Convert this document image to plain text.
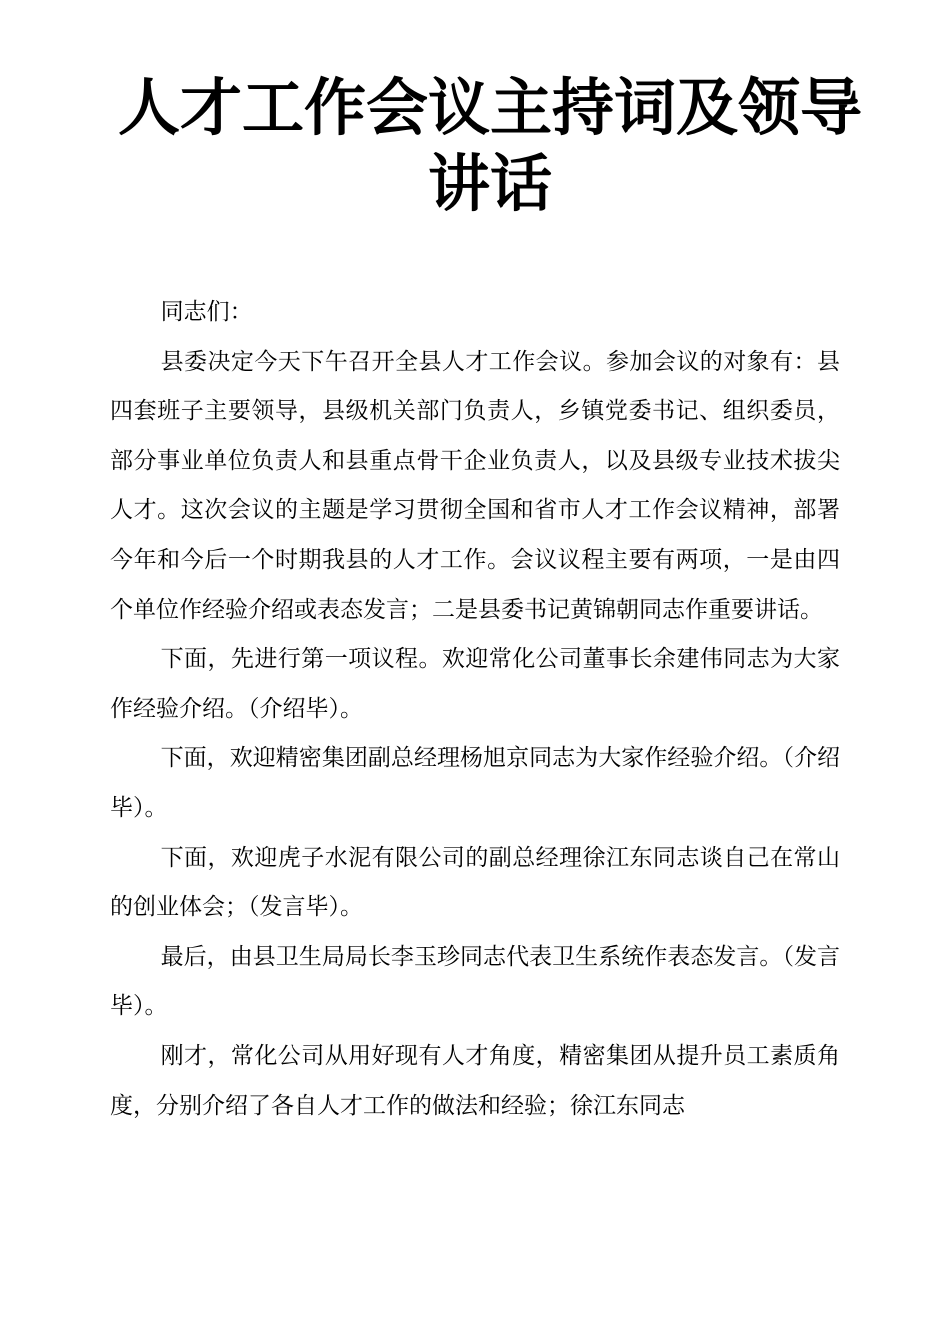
人才工作会议主持词及领导
讲话

同志们：

县委决定今天下午召开全县人才工作会议。参加会议的对象有：县四套班子主要领导，县级机关部门负责人，乡镇党委书记、组织委员，部分事业单位负责人和县重点骨干企业负责人，以及县级专业技术拔尖人才。这次会议的主题是学习贯彻全国和省市人才工作会议精神，部署今年和今后一个时期我县的人才工作。会议议程主要有两项，一是由四个单位作经验介绍或表态发言；二是县委书记黄锦朝同志作重要讲话。

下面，先进行第一项议程。欢迎常化公司董事长余建伟同志为大家作经验介绍。（介绍毕）。

下面，欢迎精密集团副总经理杨旭京同志为大家作经验介绍。（介绍毕）。

下面，欢迎虎子水泥有限公司的副总经理徐江东同志谈自己在常山的创业体会；（发言毕）。

最后，由县卫生局局长李玉珍同志代表卫生系统作表态发言。（发言毕）。

刚才，常化公司从用好现有人才角度，精密集团从提升员工素质角度，分别介绍了各自人才工作的做法和经验；徐江东同志
